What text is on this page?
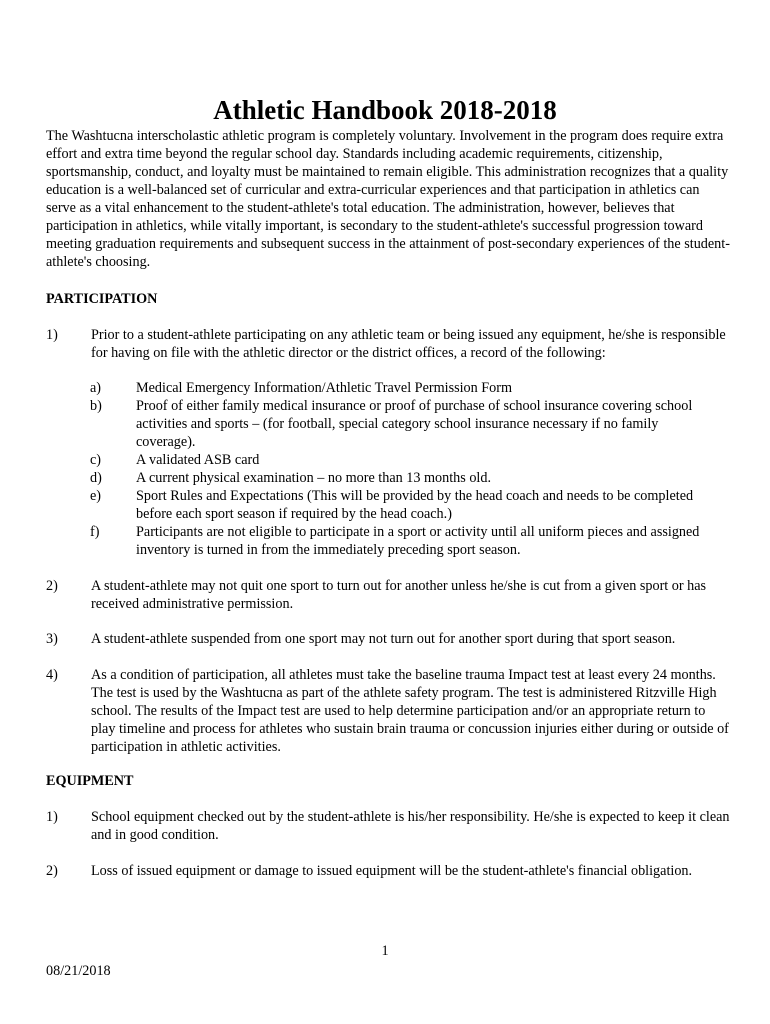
Athletic Handbook 2018-2018

The Washtucna interscholastic athletic program is completely voluntary. Involvement in the program does require extra effort and extra time beyond the regular school day. Standards including academic requirements, citizenship, sportsmanship, conduct, and loyalty must be maintained to remain eligible. This administration recognizes that a quality education is a well-balanced set of curricular and extra-curricular experiences and that participation in athletics can serve as a vital enhancement to the student-athlete's total education. The administration, however, believes that participation in athletics, while vitally important, is secondary to the student-athlete's successful progression toward meeting graduation requirements and subsequent success in the attainment of post-secondary experiences of the student-athlete's choosing.

PARTICIPATION

1) Prior to a student-athlete participating on any athletic team or being issued any equipment, he/she is responsible for having on file with the athletic director or the district offices, a record of the following:
a) Medical Emergency Information/Athletic Travel Permission Form
b) Proof of either family medical insurance or proof of purchase of school insurance covering school activities and sports – (for football, special category school insurance necessary if no family coverage).
c) A validated ASB card
d) A current physical examination – no more than 13 months old.
e) Sport Rules and Expectations (This will be provided by the head coach and needs to be completed before each sport season if required by the head coach.)
f)	Participants are not eligible to participate in a sport or activity until all uniform pieces and assigned inventory is turned in from the immediately preceding sport season.
2) A student-athlete may not quit one sport to turn out for another unless he/she is cut from a given sport or has received administrative permission.
3) A student-athlete suspended from one sport may not turn out for another sport during that sport season.
4) As a condition of participation, all athletes must take the baseline trauma Impact test at least every 24 months. The test is used by the Washtucna as part of the athlete safety program. The test is administered Ritzville High school. The results of the Impact test are used to help determine participation and/or an appropriate return to play timeline and process for athletes who sustain brain trauma or concussion injuries either during or outside of participation in athletic activities.

EQUIPMENT

1) School equipment checked out by the student-athlete is his/her responsibility. He/she is expected to keep it clean and in good condition.
2) Loss of issued equipment or damage to issued equipment will be the student-athlete's financial obligation.
1
08/21/2018
